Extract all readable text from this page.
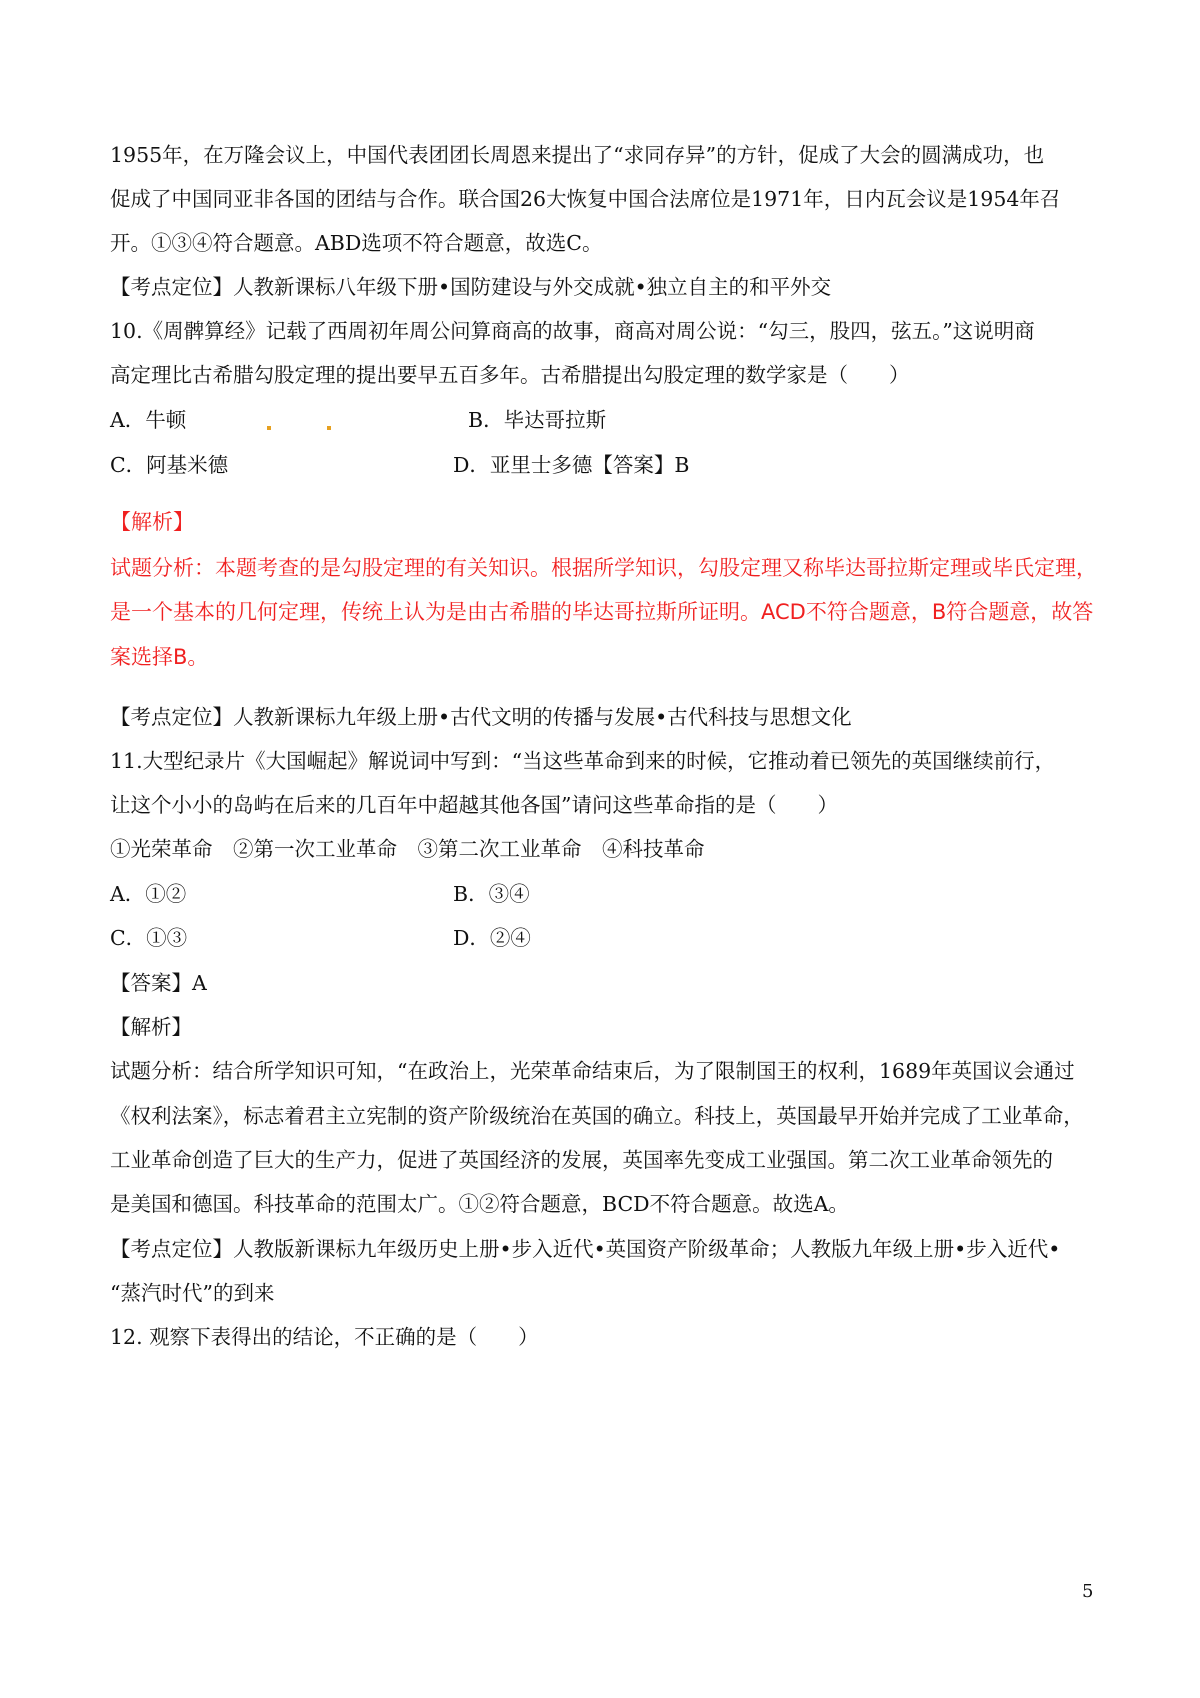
1955年，在万隆会议上，中国代表团团长周恩来提出了“求同存异”的方针，促成了大会的圆满成功，也
促成了中国同亚非各国的团结与合作。联合国26大恢复中国合法席位是1971年，日内瓦会议是1954年召
开。①③④符合题意。ABD选项不符合题意，故选C。
【考点定位】人教新课标八年级下册•国防建设与外交成就•独立自主的和平外交
10.《周髀算经》记载了西周初年周公问算商高的故事，商高对周公说：“勾三，股四，弦五。”这说明商
高定理比古希腊勾股定理的提出要早五百多年。古希腊提出勾股定理的数学家是（　　）
A．牛顿	B．毕达哥拉斯
C．阿基米德	D．亚里士多德【答案】B
【解析】
试题分析：本题考查的是勾股定理的有关知识。根据所学知识，勾股定理又称毕达哥拉斯定理或毕氏定理，
是一个基本的几何定理，传统上认为是由古希腊的毕达哥拉斯所证明。ACD不符合题意，B符合题意，故答
案选择B。
【考点定位】人教新课标九年级上册•古代文明的传播与发展•古代科技与思想文化
11.大型纪录片《大国崛起》解说词中写到：“当这些革命到来的时候，它推动着已领先的英国继续前行，
让这个小小的岛屿在后来的几百年中超越其他各国”请问这些革命指的是（　　）
①光荣革命　②第一次工业革命　③第二次工业革命　④科技革命
A．①②	B．③④
C．①③	D．②④
【答案】A
【解析】
试题分析：结合所学知识可知，“在政治上，光荣革命结束后，为了限制国王的权利，1689年英国议会通过
《权利法案》，标志着君主立宪制的资产阶级统治在英国的确立。科技上，英国最早开始并完成了工业革命，
工业革命创造了巨大的生产力，促进了英国经济的发展，英国率先变成工业强国。第二次工业革命领先的
是美国和德国。科技革命的范围太广。①②符合题意，BCD不符合题意。故选A。
【考点定位】人教版新课标九年级历史上册•步入近代•英国资产阶级革命；人教版九年级上册•步入近代•
“蒸汽时代”的到来
12. 观察下表得出的结论，不正确的是（　　）
5
